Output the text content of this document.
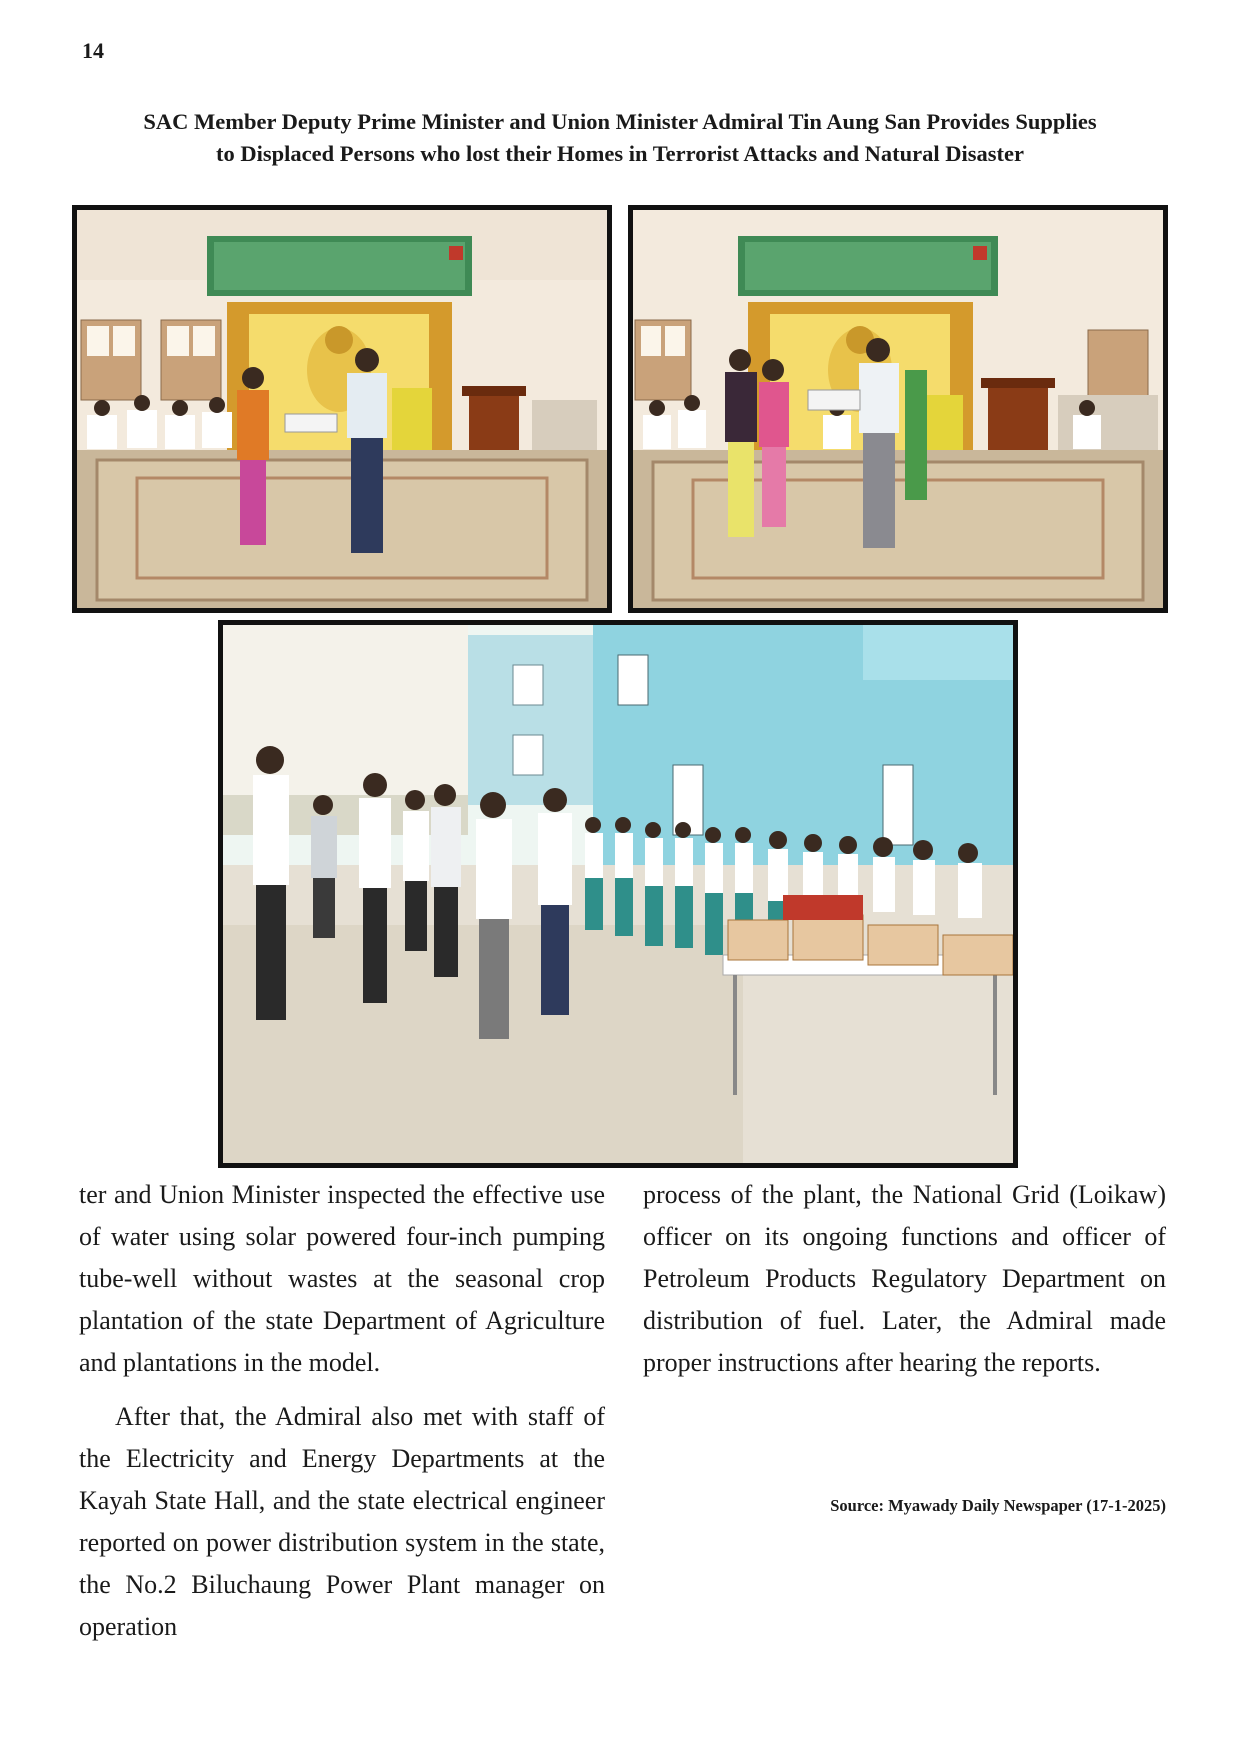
14
SAC Member Deputy Prime Minister and Union Minister Admiral Tin Aung San Provides Supplies
to Displaced Persons who lost their Homes in Terrorist Attacks and Natural Disaster

ter and Union Minister inspected the effective use of water using solar powered four-inch pumping tube-well without wastes at the seasonal crop plantation of the state Department of Agriculture and plantations in the model.

After that, the Admiral also met with staff of the Electricity and Energy Departments at the Kayah State Hall, and the state electrical engineer reported on power distribution system in the state, the No.2 Biluchaung Power Plant manager on operation

process of the plant, the National Grid (Loikaw) officer on its ongoing functions and officer of Petroleum Products Regulatory Department on distribution of fuel. Later, the Admiral made proper instructions after hearing the reports.

Source: Myawady Daily Newspaper (17-1-2025)
